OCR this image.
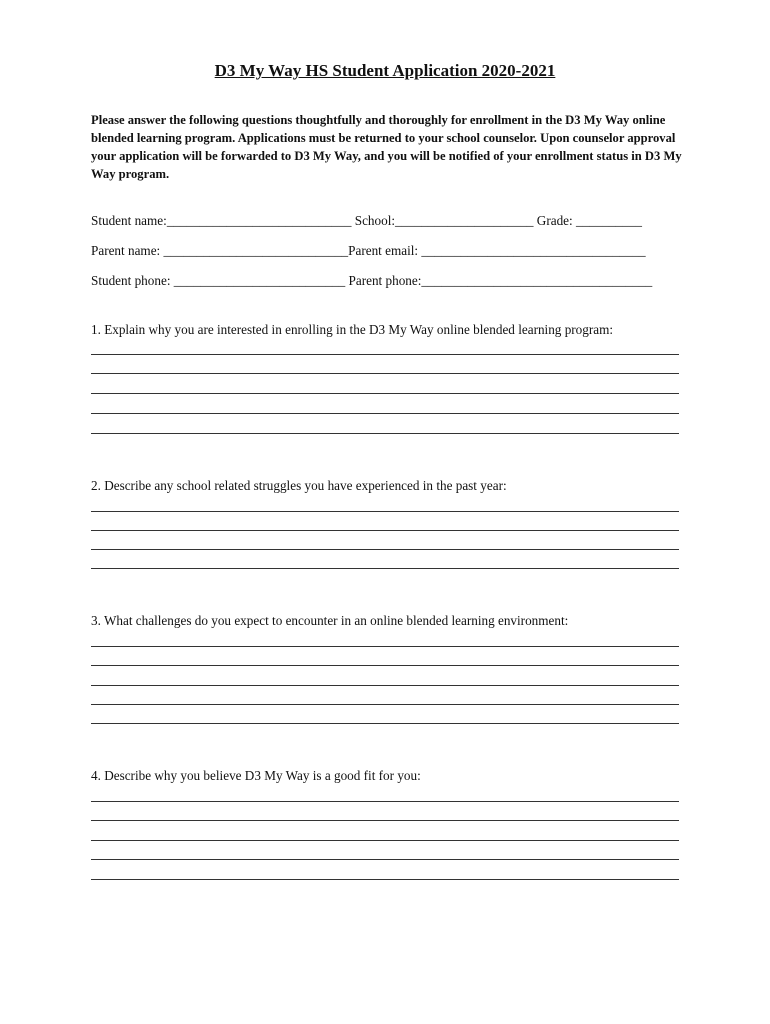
D3 My Way HS Student Application 2020-2021
Please answer the following questions thoughtfully and thoroughly for enrollment in the D3 My Way online blended learning program. Applications must be returned to your school counselor. Upon counselor approval your application will be forwarded to D3 My Way, and you will be notified of your enrollment status in D3 My Way program.
Student name:____________________________ School:_____________________ Grade: __________
Parent name: ____________________________Parent email: __________________________________
Student phone: __________________________ Parent phone:___________________________________
1. Explain why you are interested in enrolling in the D3 My Way online blended learning program:
2. Describe any school related struggles you have experienced in the past year:
3. What challenges do you expect to encounter in an online blended learning environment:
4. Describe why you believe D3 My Way is a good fit for you:
